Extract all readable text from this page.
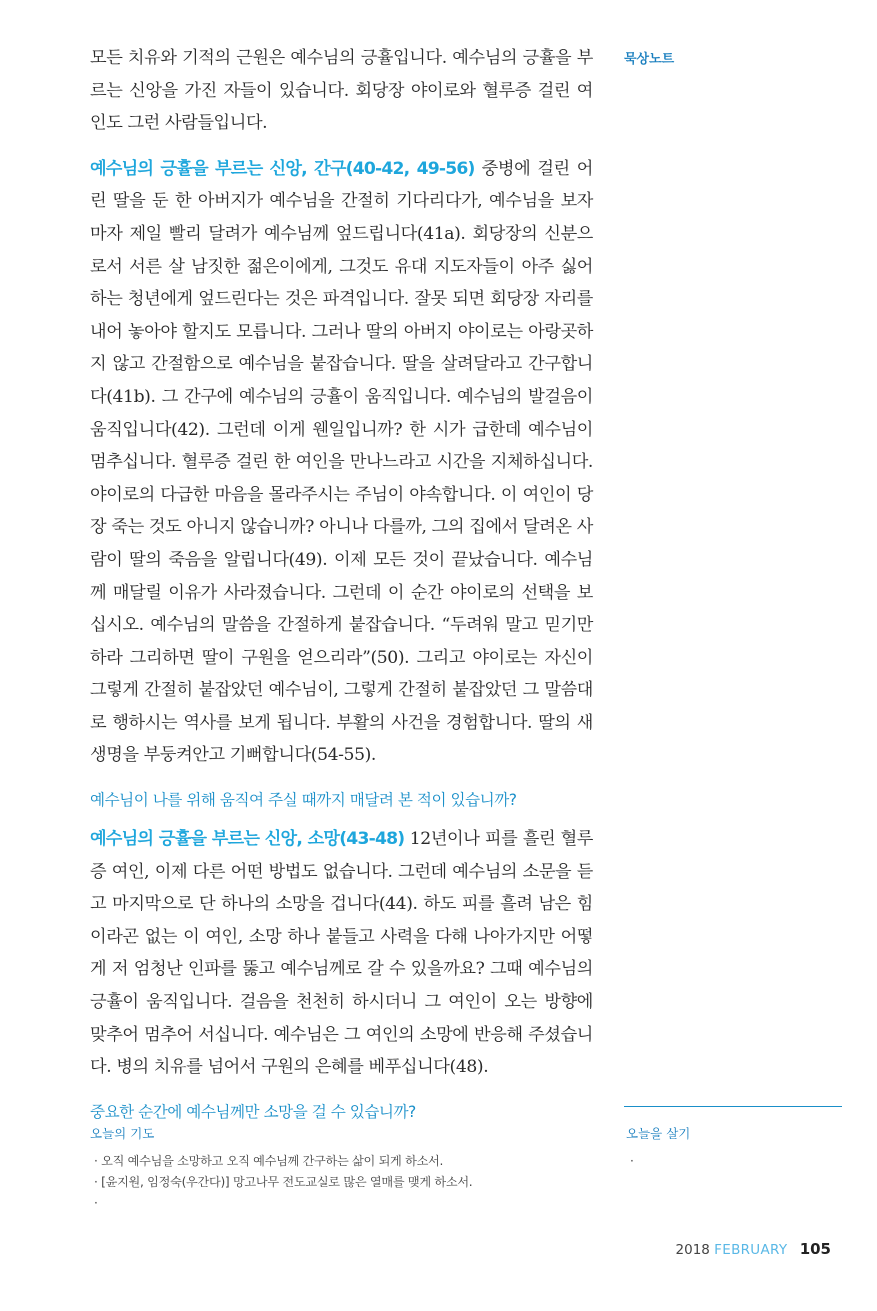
묵상노트

모든 치유와 기적의 근원은 예수님의 긍휼입니다. 예수님의 긍휼을 부르는 신앙을 가진 자들이 있습니다. 회당장 야이로와 혈루증 걸린 여인도 그런 사람들입니다.

예수님의 긍휼을 부르는 신앙, 간구(40-42, 49-56) 중병에 걸린 어린 딸을 둔 한 아버지가 예수님을 간절히 기다리다가, 예수님을 보자마자 제일 빨리 달려가 예수님께 엎드립니다(41a). 회당장의 신분으로서 서른 살 남짓한 젊은이에게, 그것도 유대 지도자들이 아주 싫어하는 청년에게 엎드린다는 것은 파격입니다. 잘못 되면 회당장 자리를 내어 놓아야 할지도 모릅니다. 그러나 딸의 아버지 야이로는 아랑곳하지 않고 간절함으로 예수님을 붙잡습니다. 딸을 살려달라고 간구합니다(41b). 그 간구에 예수님의 긍휼이 움직입니다. 예수님의 발걸음이 움직입니다(42). 그런데 이게 웬일입니까? 한 시가 급한데 예수님이 멈추십니다. 혈루증 걸린 한 여인을 만나느라고 시간을 지체하십니다. 야이로의 다급한 마음을 몰라주시는 주님이 야속합니다. 이 여인이 당장 죽는 것도 아니지 않습니까? 아니나 다를까, 그의 집에서 달려온 사람이 딸의 죽음을 알립니다(49). 이제 모든 것이 끝났습니다. 예수님께 매달릴 이유가 사라졌습니다. 그런데 이 순간 야이로의 선택을 보십시오. 예수님의 말씀을 간절하게 붙잡습니다. “두려워 말고 믿기만 하라 그리하면 딸이 구원을 얻으리라”(50). 그리고 야이로는 자신이 그렇게 간절히 붙잡았던 예수님이, 그렇게 간절히 붙잡았던 그 말씀대로 행하시는 역사를 보게 됩니다. 부활의 사건을 경험합니다. 딸의 새 생명을 부둥켜안고 기뻐합니다(54-55).

예수님이 나를 위해 움직여 주실 때까지 매달려 본 적이 있습니까?

예수님의 긍휼을 부르는 신앙, 소망(43-48) 12년이나 피를 흘린 혈루증 여인, 이제 다른 어떤 방법도 없습니다. 그런데 예수님의 소문을 듣고 마지막으로 단 하나의 소망을 겁니다(44). 하도 피를 흘려 남은 힘이라곤 없는 이 여인, 소망 하나 붙들고 사력을 다해 나아가지만 어떻게 저 엄청난 인파를 뚫고 예수님께로 갈 수 있을까요? 그때 예수님의 긍휼이 움직입니다. 걸음을 천천히 하시더니 그 여인이 오는 방향에 맞추어 멈추어 서십니다. 예수님은 그 여인의 소망에 반응해 주셨습니다. 병의 치유를 넘어서 구원의 은혜를 베푸십니다(48).

중요한 순간에 예수님께만 소망을 걸 수 있습니까?
오늘의 기도
· 오직 예수님을 소망하고 오직 예수님께 간구하는 삶이 되게 하소서.
· [윤지원, 임정숙(우간다)] 망고나무 전도교실로 많은 열매를 맺게 하소서.
·
오늘을 살기
·
2018 FEBRUARY 105
